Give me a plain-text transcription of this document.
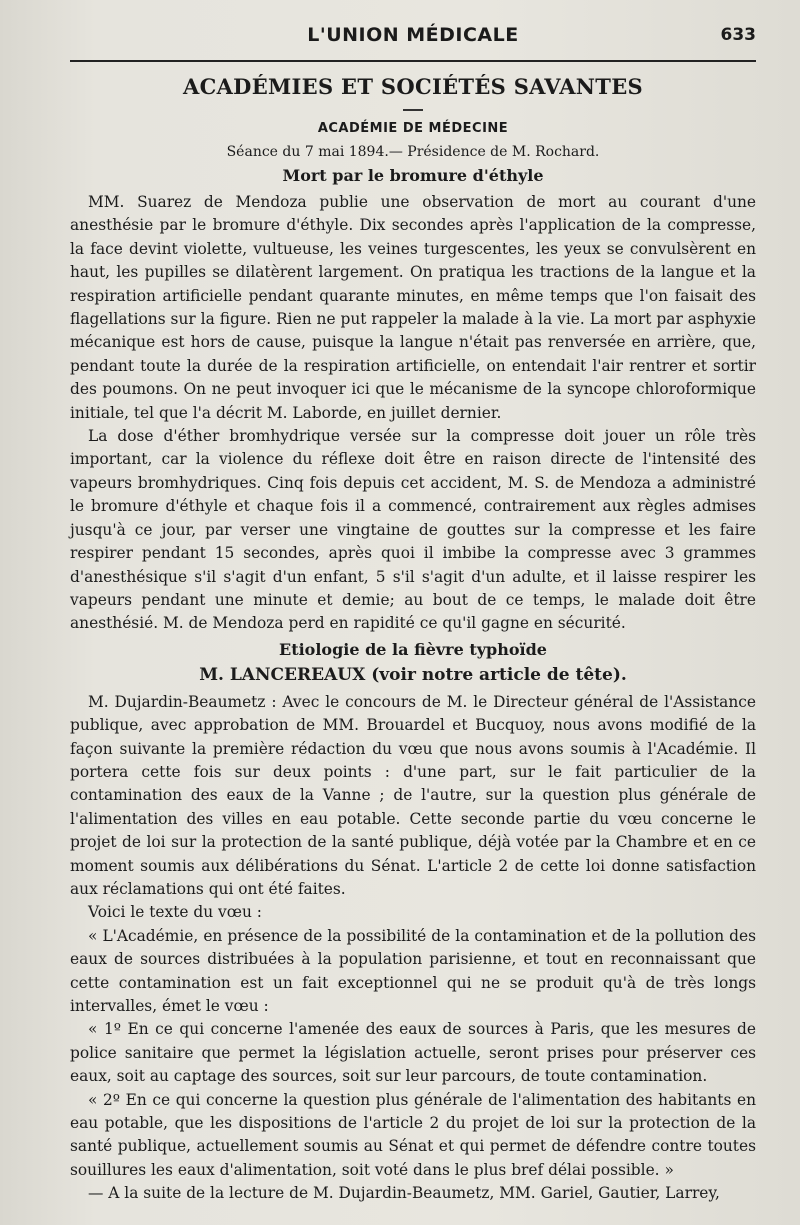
L'UNION MÉDICALE	633
ACADÉMIES ET SOCIÉTÉS SAVANTES
ACADÉMIE DE MÉDECINE
Séance du 7 mai 1894.— Présidence de M. Rochard.
Mort par le bromure d'éthyle

MM. Suarez de Mendoza publie une observation de mort au courant d'une anesthésie par le bromure d'éthyle. Dix secondes après l'application de la compresse, la face devint violette, vultueuse, les veines turgescentes, les yeux se convulsèrent en haut, les pupilles se dilatèrent largement. On pratiqua les tractions de la langue et la respiration artificielle pendant quarante minutes, en même temps que l'on faisait des flagellations sur la figure. Rien ne put rappeler la malade à la vie. La mort par asphyxie mécanique est hors de cause, puisque la langue n'était pas renversée en arrière, que, pendant toute la durée de la respiration artificielle, on entendait l'air rentrer et sortir des poumons. On ne peut invoquer ici que le mécanisme de la syncope chloroformique initiale, tel que l'a décrit M. Laborde, en juillet dernier.

La dose d'éther bromhydrique versée sur la compresse doit jouer un rôle très important, car la violence du réflexe doit être en raison directe de l'intensité des vapeurs bromhydriques. Cinq fois depuis cet accident, M. S. de Mendoza a administré le bromure d'éthyle et chaque fois il a commencé, contrairement aux règles admises jusqu'à ce jour, par verser une vingtaine de gouttes sur la compresse et les faire respirer pendant 15 secondes, après quoi il imbibe la compresse avec 3 grammes d'anesthésique s'il s'agit d'un enfant, 5 s'il s'agit d'un adulte, et il laisse respirer les vapeurs pendant une minute et demie; au bout de ce temps, le malade doit être anesthésié. M. de Mendoza perd en rapidité ce qu'il gagne en sécurité.

Etiologie de la fièvre typhoïde
M. LANCEREAUX (voir notre article de tête).

M. Dujardin-Beaumetz : Avec le concours de M. le Directeur général de l'Assistance publique, avec approbation de MM. Brouardel et Bucquoy, nous avons modifié de la façon suivante la première rédaction du vœu que nous avons soumis à l'Académie. Il portera cette fois sur deux points : d'une part, sur le fait particulier de la contamination des eaux de la Vanne ; de l'autre, sur la question plus générale de l'alimentation des villes en eau potable. Cette seconde partie du vœu concerne le projet de loi sur la protection de la santé publique, déjà votée par la Chambre et en ce moment soumis aux délibérations du Sénat. L'article 2 de cette loi donne satisfaction aux réclamations qui ont été faites.

Voici le texte du vœu :

« L'Académie, en présence de la possibilité de la contamination et de la pollution des eaux de sources distribuées à la population parisienne, et tout en reconnaissant que cette contamination est un fait exceptionnel qui ne se produit qu'à de très longs intervalles, émet le vœu :

« 1º En ce qui concerne l'amenée des eaux de sources à Paris, que les mesures de police sanitaire que permet la législation actuelle, seront prises pour préserver ces eaux, soit au captage des sources, soit sur leur parcours, de toute contamination.

« 2º En ce qui concerne la question plus générale de l'alimentation des habitants en eau potable, que les dispositions de l'article 2 du projet de loi sur la protection de la santé publique, actuellement soumis au Sénat et qui permet de défendre contre toutes souillures les eaux d'alimentation, soit voté dans le plus bref délai possible. »

— A la suite de la lecture de M. Dujardin-Beaumetz, MM. Gariel, Gautier, Larrey,
